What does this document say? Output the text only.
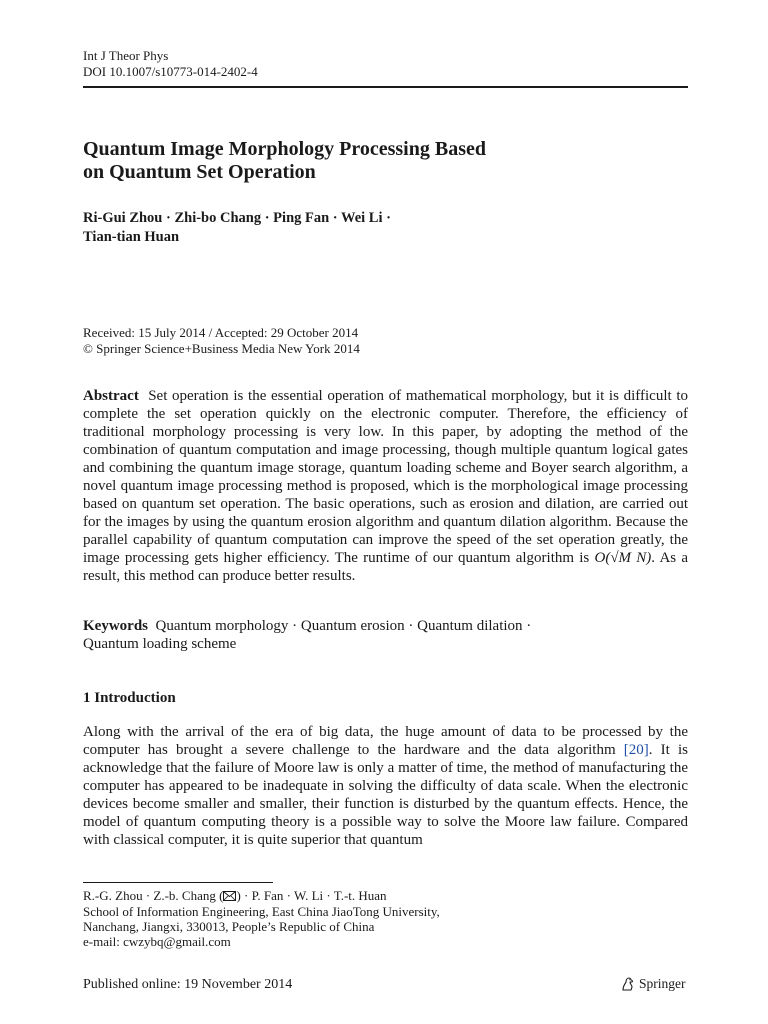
Int J Theor Phys
DOI 10.1007/s10773-014-2402-4
Quantum Image Morphology Processing Based
on Quantum Set Operation
Ri-Gui Zhou · Zhi-bo Chang · Ping Fan · Wei Li ·
Tian-tian Huan
Received: 15 July 2014 / Accepted: 29 October 2014
© Springer Science+Business Media New York 2014
Abstract Set operation is the essential operation of mathematical morphology, but it is difficult to complete the set operation quickly on the electronic computer. Therefore, the efficiency of traditional morphology processing is very low. In this paper, by adopting the method of the combination of quantum computation and image processing, though multiple quantum logical gates and combining the quantum image storage, quantum loading scheme and Boyer search algorithm, a novel quantum image processing method is proposed, which is the morphological image processing based on quantum set operation. The basic operations, such as erosion and dilation, are carried out for the images by using the quantum erosion algorithm and quantum dilation algorithm. Because the parallel capability of quantum computation can improve the speed of the set operation greatly, the image processing gets higher efficiency. The runtime of our quantum algorithm is O(√M N). As a result, this method can produce better results.
Keywords Quantum morphology · Quantum erosion · Quantum dilation ·
Quantum loading scheme
1 Introduction
Along with the arrival of the era of big data, the huge amount of data to be processed by the computer has brought a severe challenge to the hardware and the data algorithm [20]. It is acknowledge that the failure of Moore law is only a matter of time, the method of manufacturing the computer has appeared to be inadequate in solving the difficulty of data scale. When the electronic devices become smaller and smaller, their function is disturbed by the quantum effects. Hence, the model of quantum computing theory is a possible way to solve the Moore law failure. Compared with classical computer, it is quite superior that quantum
R.-G. Zhou · Z.-b. Chang ( ) · P. Fan · W. Li · T.-t. Huan
School of Information Engineering, East China JiaoTong University,
Nanchang, Jiangxi, 330013, People’s Republic of China
e-mail: cwzybq@gmail.com
Published online: 19 November 2014	Springer
